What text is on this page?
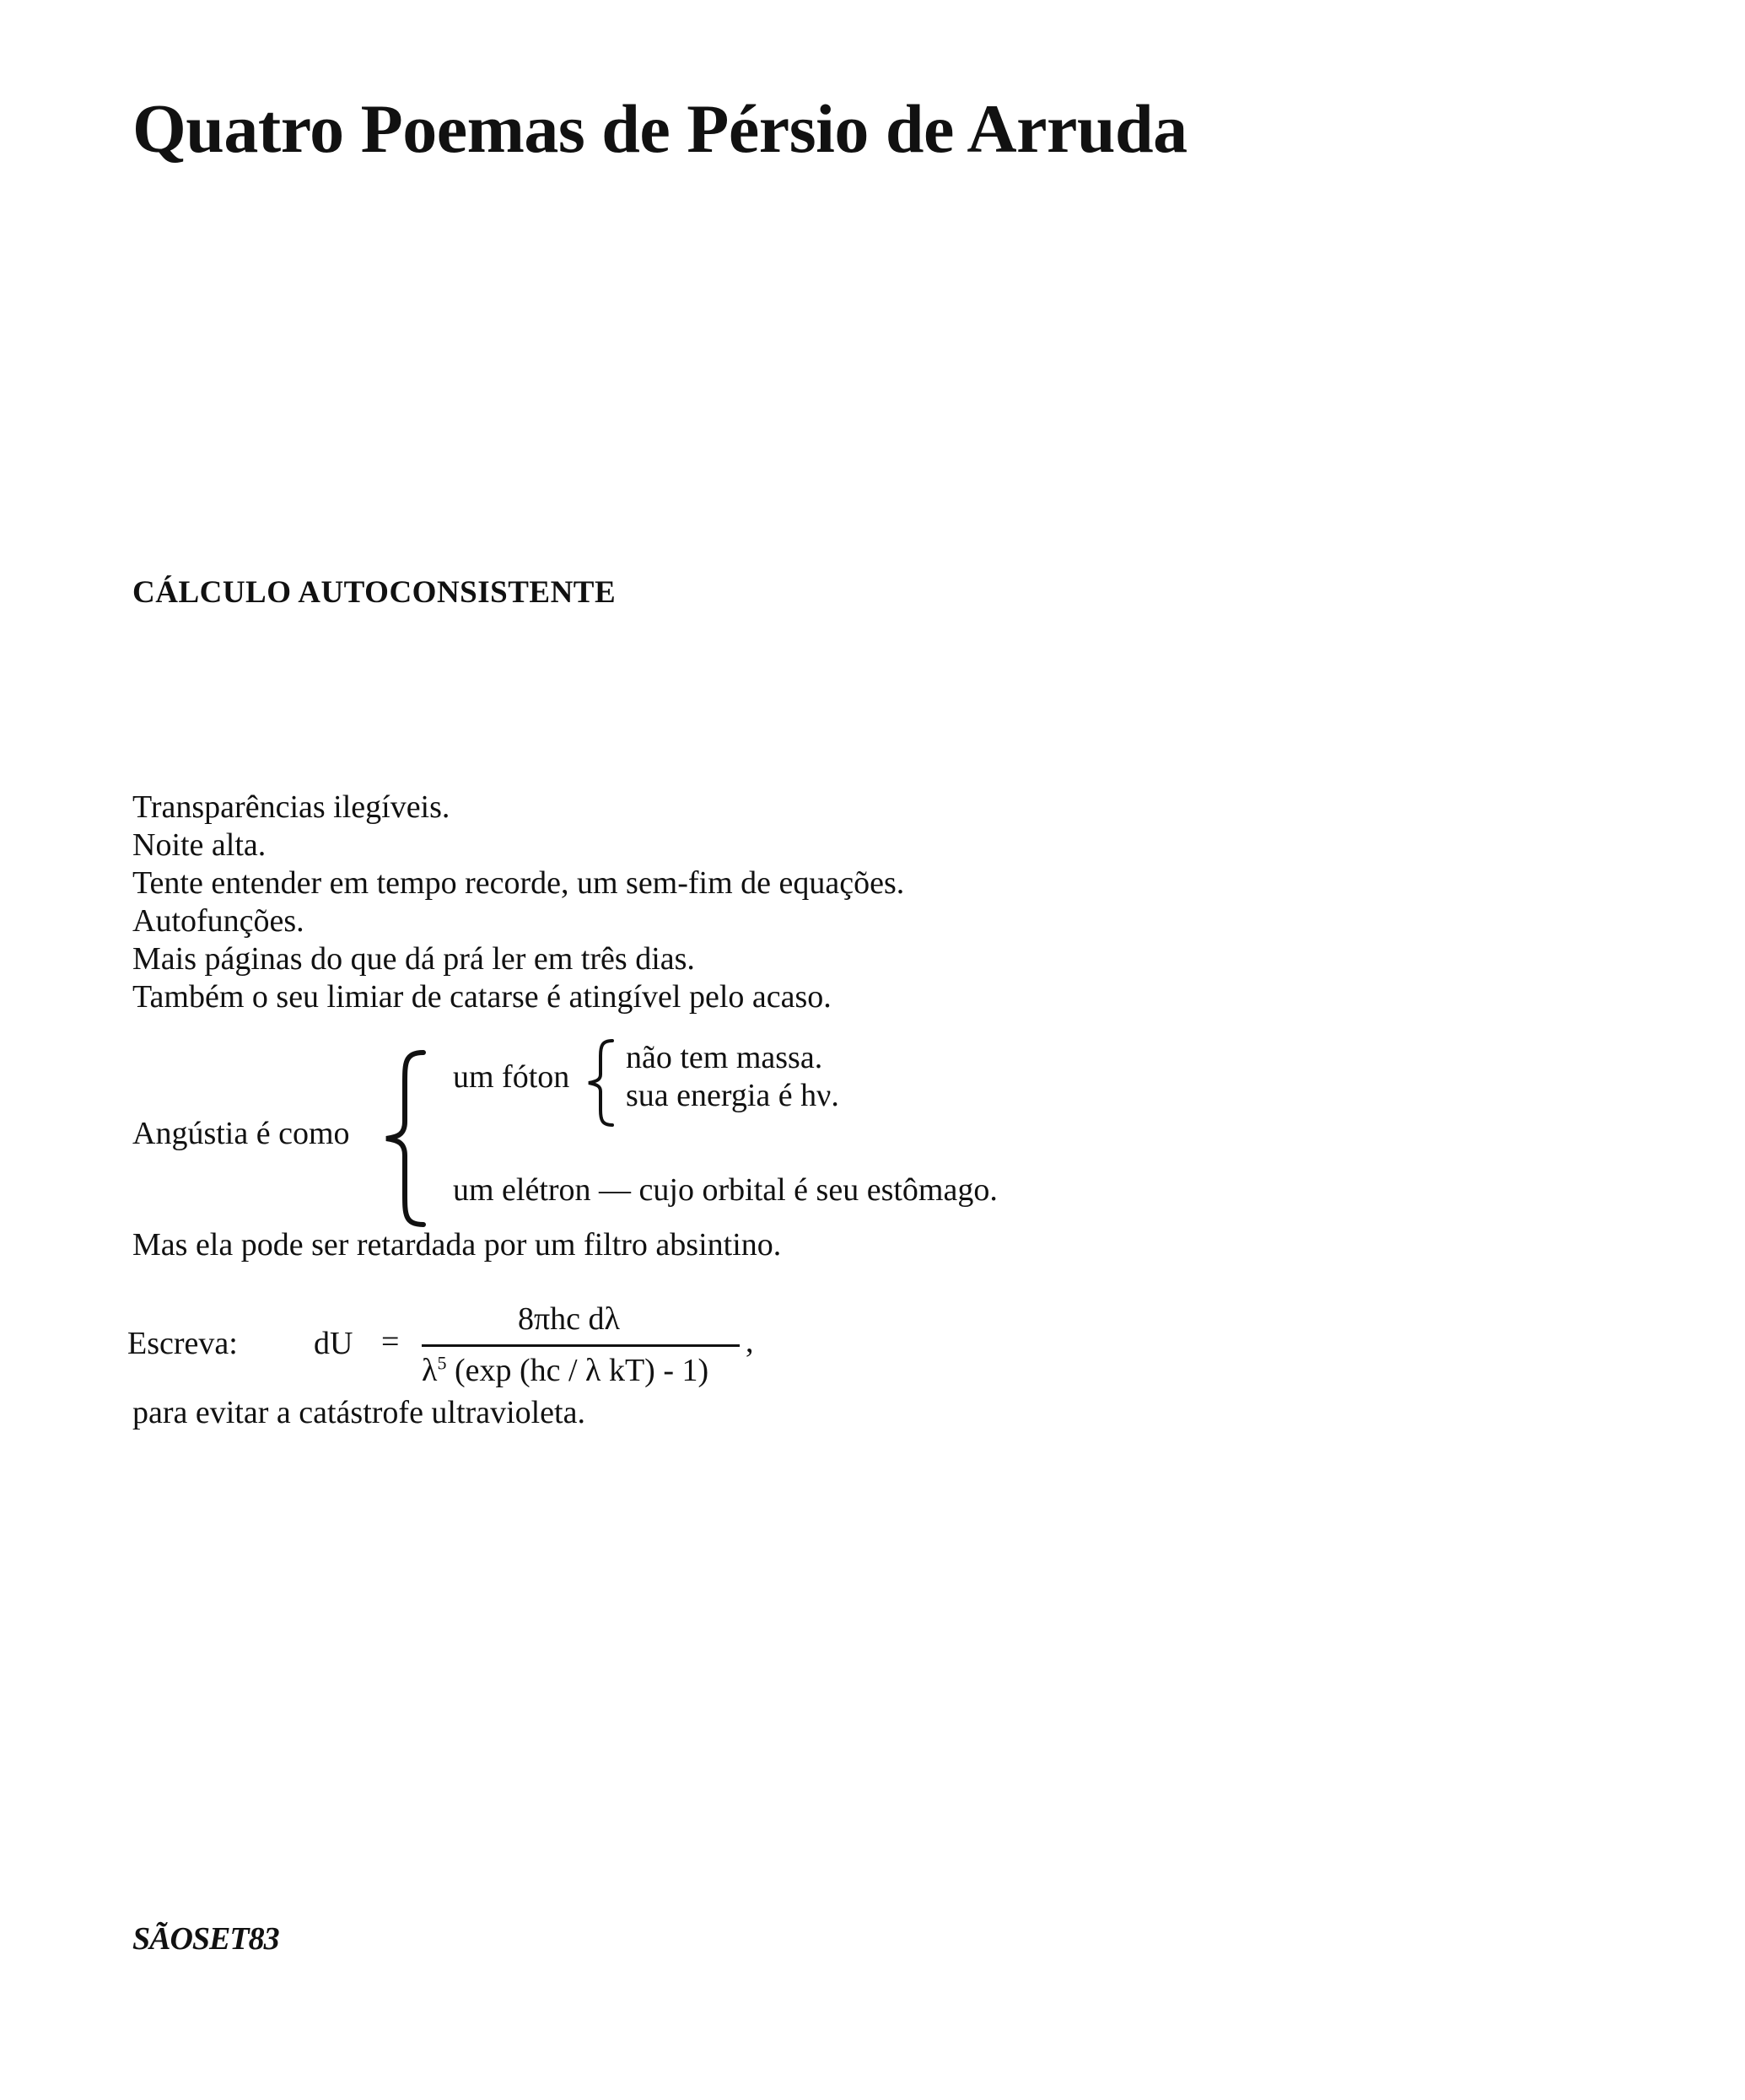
Quatro Poemas de Pérsio de Arruda
CÁLCULO AUTOCONSISTENTE
Transparências ilegíveis.
Noite alta.
Tente entender em tempo recorde, um sem-fim de equações.
Autofunções.
Mais páginas do que dá prá ler em três dias.
Também o seu limiar de catarse é atingível pelo acaso.
Angústia é como
um fóton
não tem massa.
sua energia é hν.
um elétron — cujo orbital é seu estômago.
Mas ela pode ser retardada por um filtro absintino.
Escreva: dU =
8πhc dλ
$\lambda^5$ (exp (hc / λ kT) - 1)
,
para evitar a catástrofe ultravioleta.
SÃOSET83
